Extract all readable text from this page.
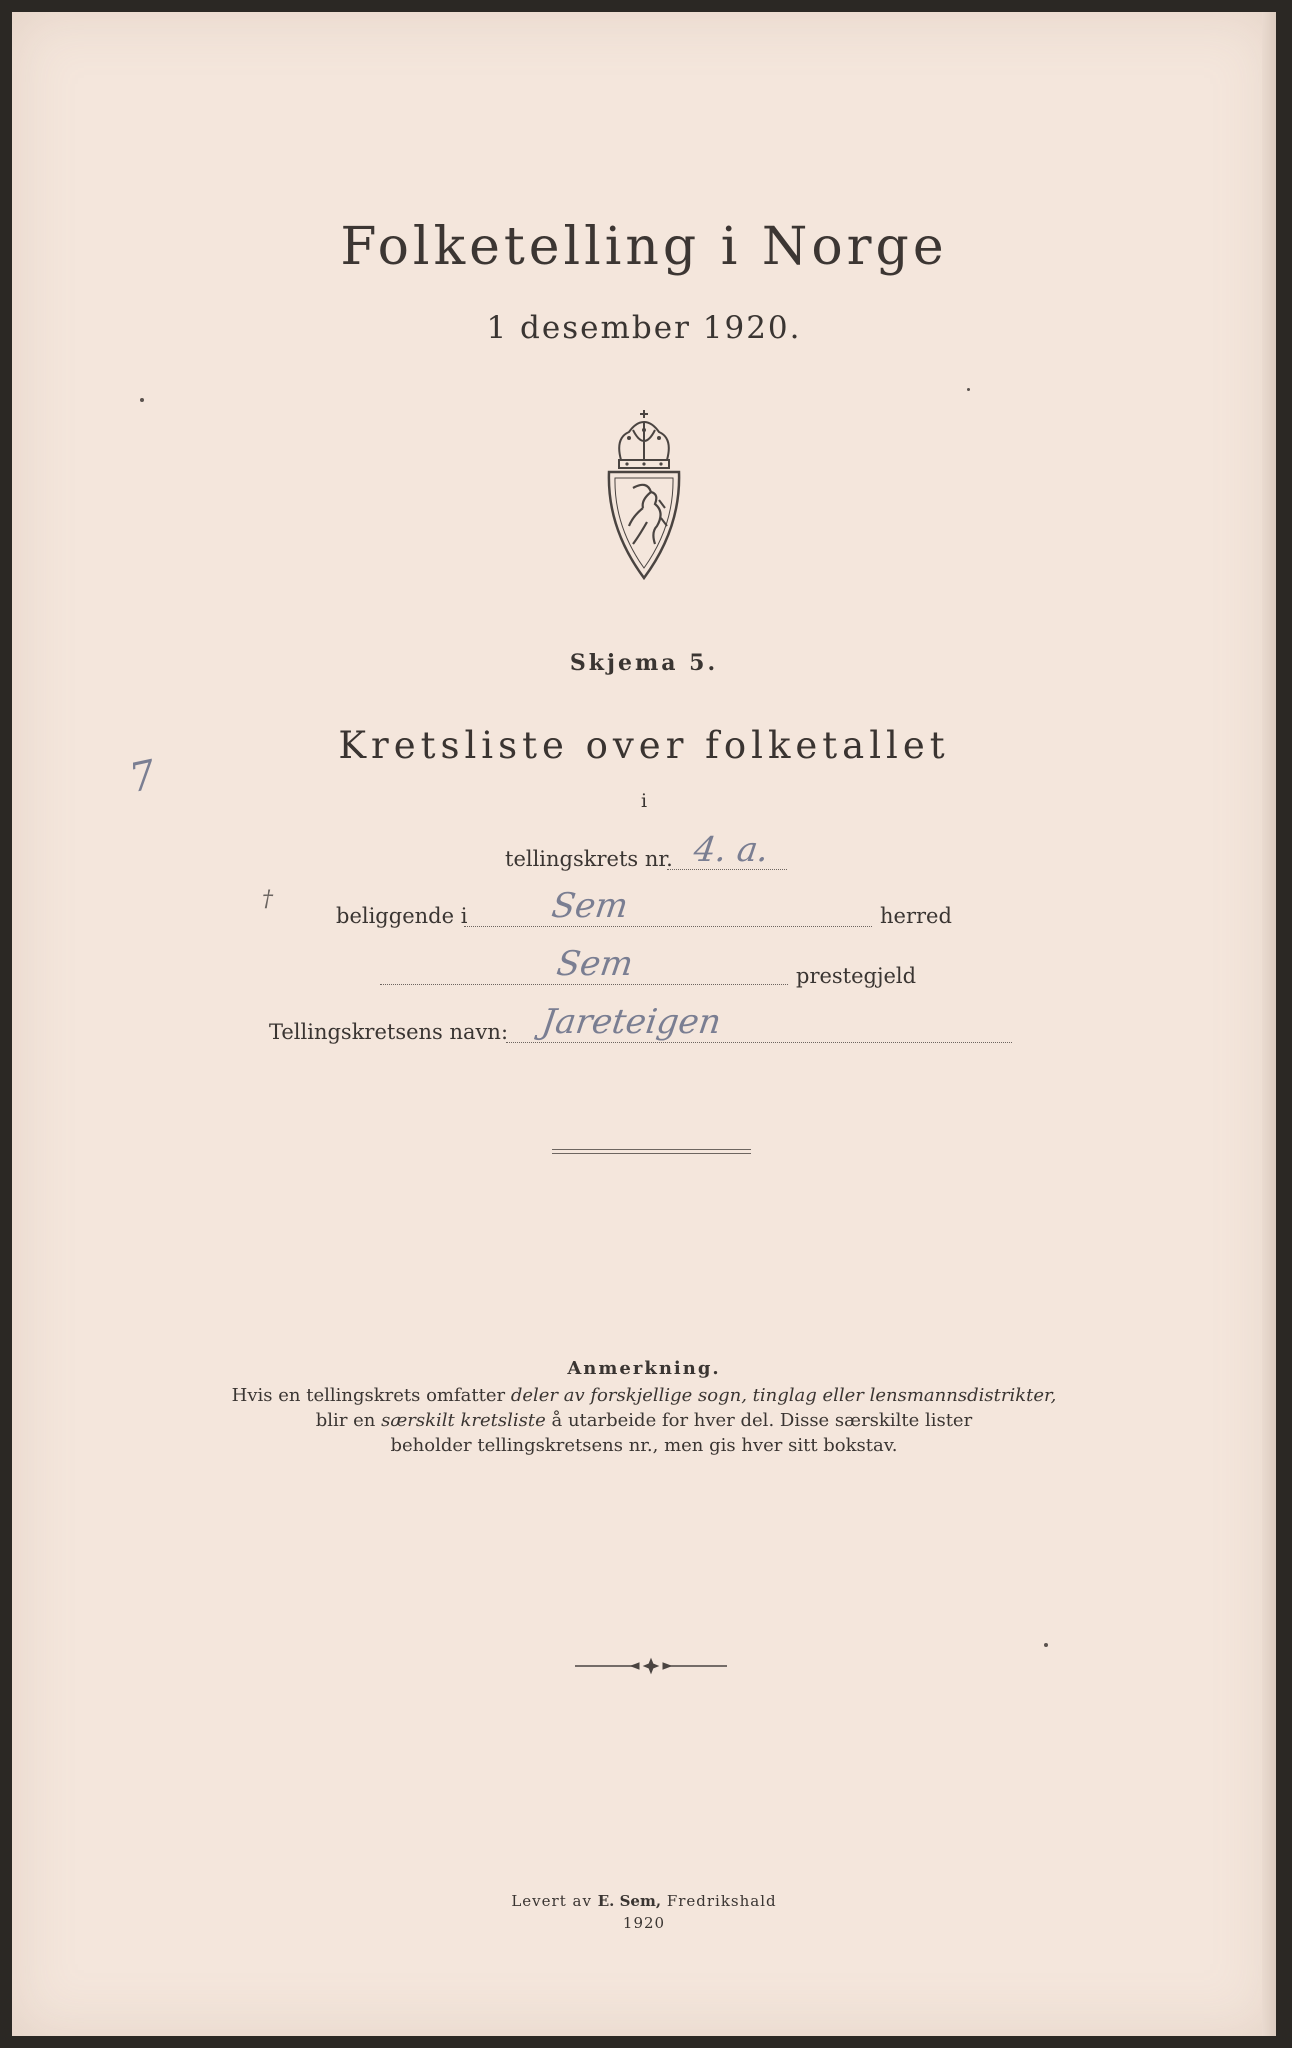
Folketelling i Norge
1 desember 1920.
Skjema 5.
Kretsliste over folketallet
i
tellingskrets nr. 4. a.
beliggende i Sem	herred
Sem	prestegjeld
Tellingskretsens navn: Jareteigen
Anmerkning.
Hvis en tellingskrets omfatter deler av forskjellige sogn, tinglag eller lensmannsdistrikter,
blir en særskilt kretsliste å utarbeide for hver del. Disse særskilte lister
beholder tellingskretsens nr., men gis hver sitt bokstav.
Levert av E. Sem, Fredrikshald
1920
7
†
